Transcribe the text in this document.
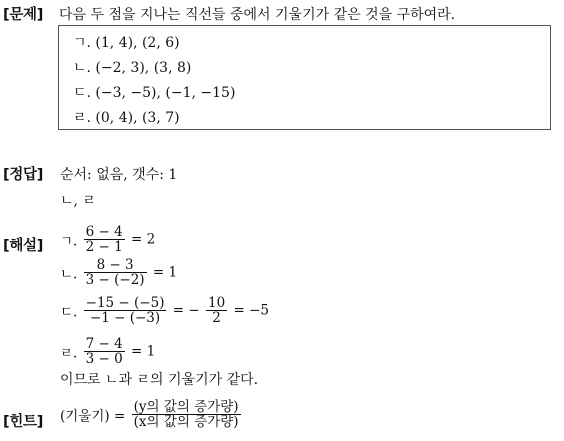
[문제] 다음 두 점을 지나는 직선들 중에서 기울기가 같은 것을 구하여라.
ㄱ. (1, 4), (2, 6)
ㄴ. (−2, 3), (3, 8)
ㄷ. (−3, −5), (−1, −15)
ㄹ. (0, 4), (3, 7)
[정답] 순서: 없음, 갯수: 1
ㄴ, ㄹ
[해설] ㄱ. $\frac{6 - 4}{2 - 1} = 2$
ㄴ. $\frac{8 - 3}{3 - (-2)} = 1$
ㄷ. $\frac{-15 - (-5)}{-1 - (-3)}$ = − $\frac{10}{2} = -5$
ㄹ. $\frac{7 - 4}{3 - 0} = 1$
이므로 ㄴ과 ㄹ의 기울기가 같다.
[힌트] (기울기) = $\frac{\text{(y의 값의 증가량)}}{\text{(x의 값의 증가량)}}$
